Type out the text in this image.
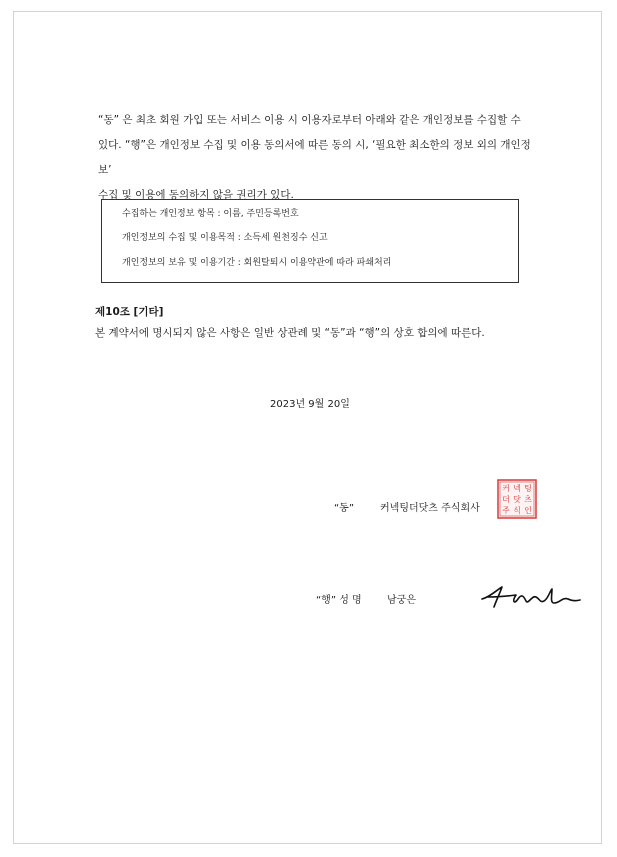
“동” 은 최초 회원 가입 또는 서비스 이용 시 이용자로부터 아래와 같은 개인정보를 수집할 수

있다. “행”은 개인정보 수집 및 이용 동의서에 따른 동의 시, ‘필요한 최소한의 정보 외의 개인정보’

수집 및 이용에 동의하지 않을 권리가 있다.

수집하는 개인정보 항목 : 이름, 주민등록번호
개인정보의 수집 및 이용목적 : 소득세 원천징수 신고
개인정보의 보유 및 이용기간 : 회원탈퇴시 이용약관에 따라 파쇄처리
제10조 [기타]
본 계약서에 명시되지 않은 사항은 일반 상관례 및 “동”과 “행”의 상호 합의에 따른다.
2023년 9월 20일
“동”	커넥팅더닷츠 주식회사
커 넥 팅
더 닷 츠
주 식 인
“행” 성 명	남궁은
